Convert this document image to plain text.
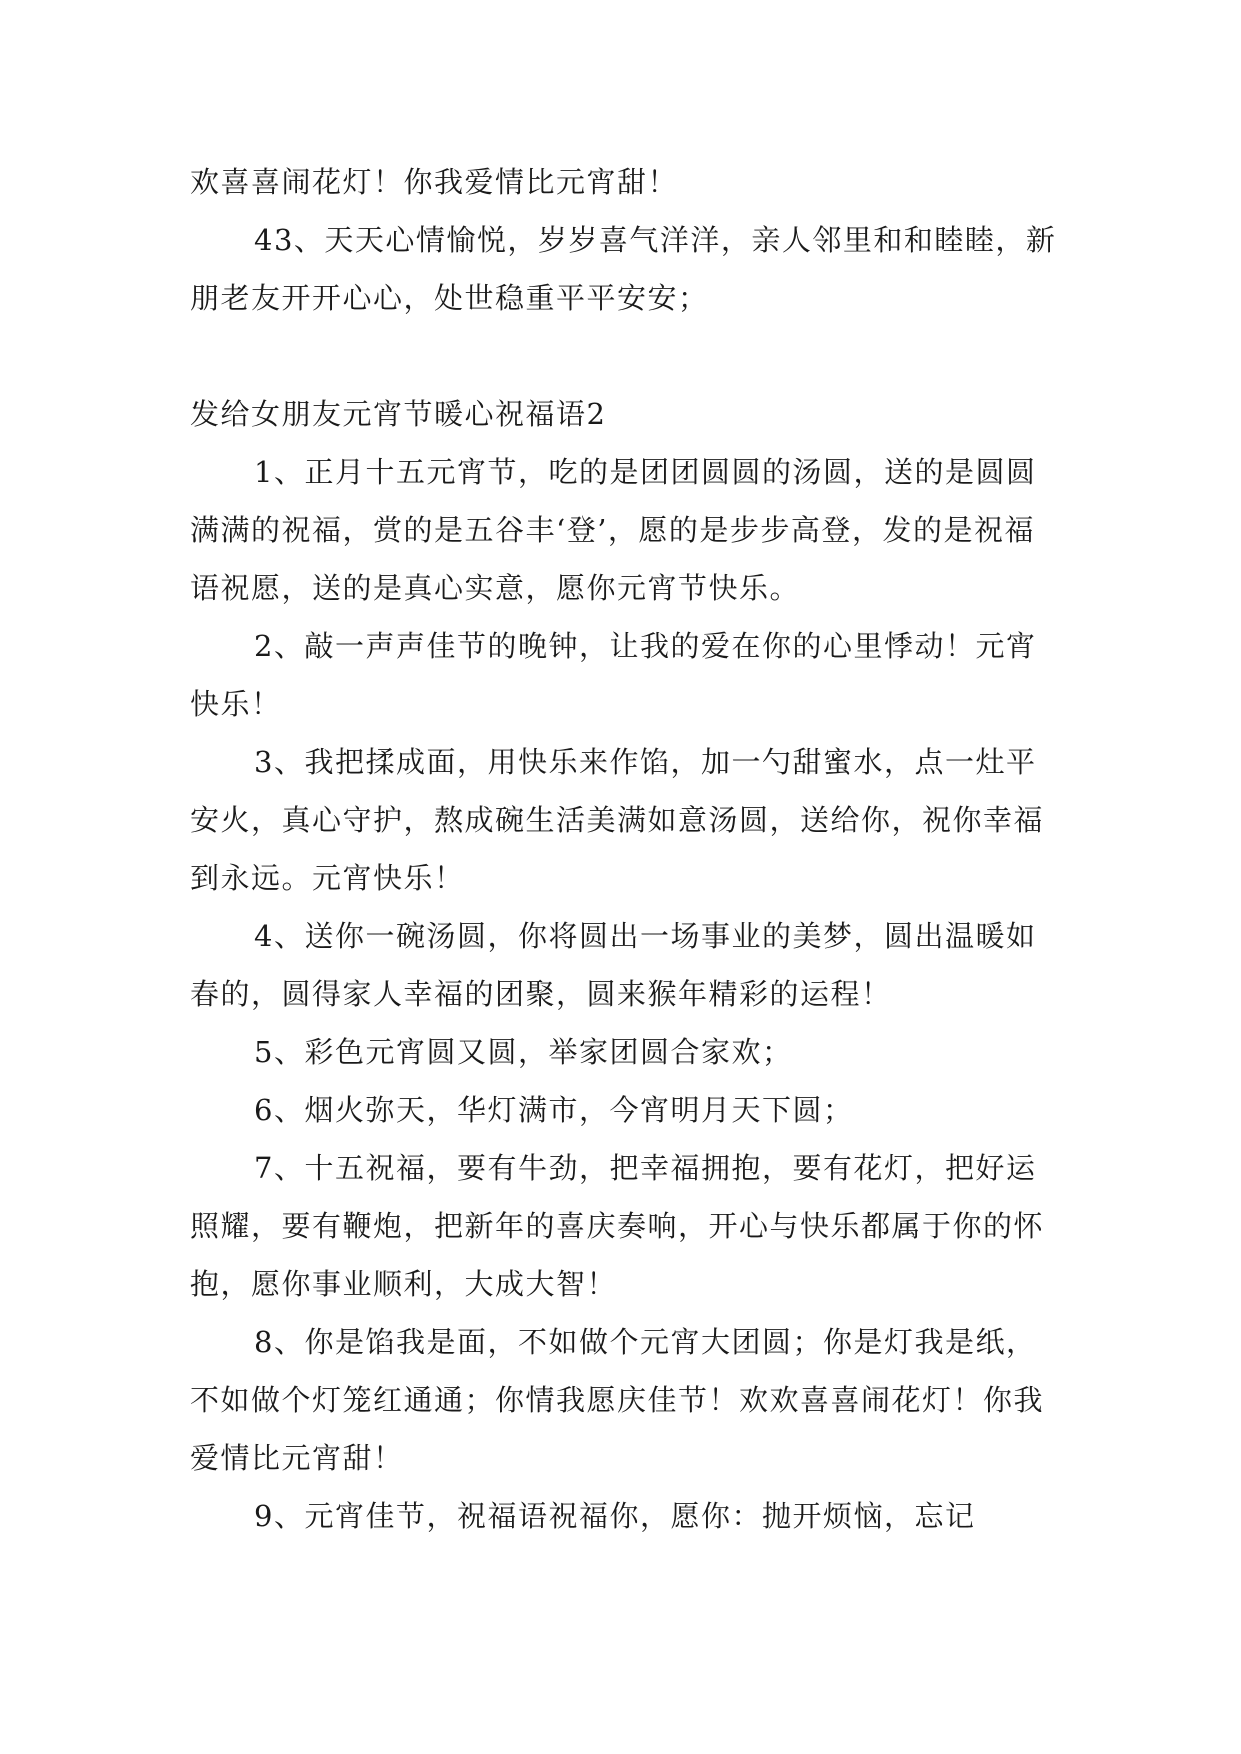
欢喜喜闹花灯！你我爱情比元宵甜！

43、天天心情愉悦，岁岁喜气洋洋，亲人邻里和和睦睦，新朋老友开开心心，处世稳重平平安安；

发给女朋友元宵节暖心祝福语2

1、正月十五元宵节，吃的是团团圆圆的汤圆，送的是圆圆满满的祝福，赏的是五谷丰‘登’，愿的是步步高登，发的是祝福语祝愿，送的是真心实意，愿你元宵节快乐。

2、敲一声声佳节的晚钟，让我的爱在你的心里悸动！元宵快乐！

3、我把揉成面，用快乐来作馅，加一勺甜蜜水，点一灶平安火，真心守护，熬成碗生活美满如意汤圆，送给你，祝你幸福到永远。元宵快乐！

4、送你一碗汤圆，你将圆出一场事业的美梦，圆出温暖如春的，圆得家人幸福的团聚，圆来猴年精彩的运程！

5、彩色元宵圆又圆，举家团圆合家欢；

6、烟火弥天，华灯满市，今宵明月天下圆；

7、十五祝福，要有牛劲，把幸福拥抱，要有花灯，把好运照耀，要有鞭炮，把新年的喜庆奏响，开心与快乐都属于你的怀抱，愿你事业顺利，大成大智！

8、你是馅我是面，不如做个元宵大团圆；你是灯我是纸，不如做个灯笼红通通；你情我愿庆佳节！欢欢喜喜闹花灯！你我爱情比元宵甜！

9、元宵佳节，祝福语祝福你，愿你：抛开烦恼，忘记
